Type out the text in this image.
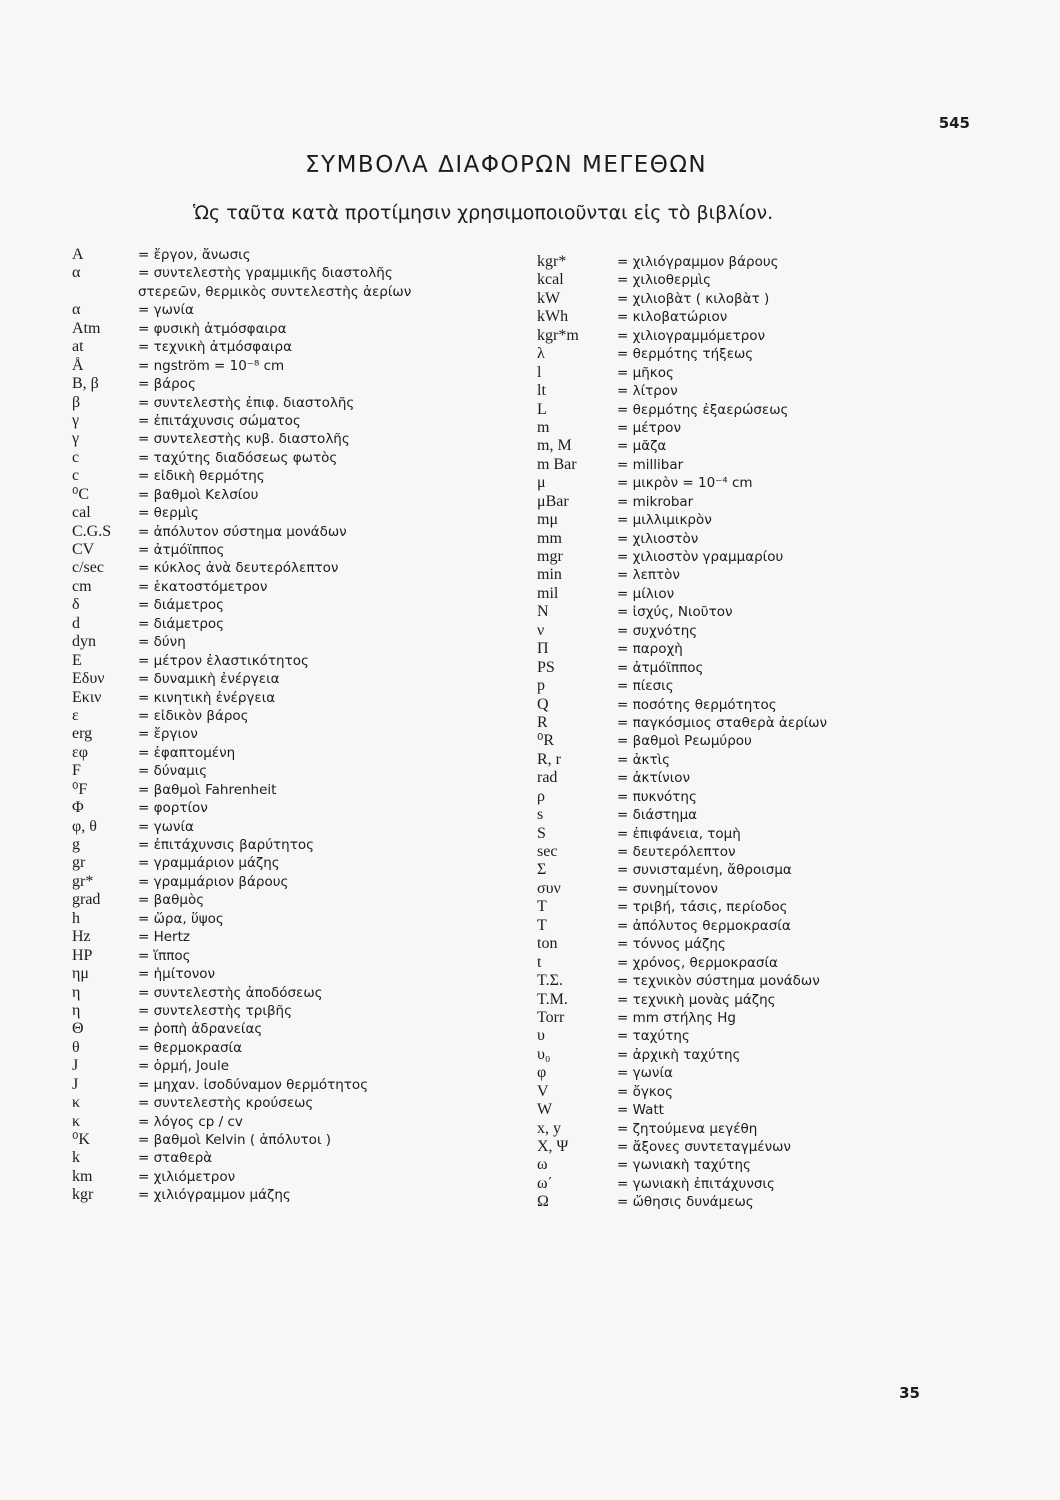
545
ΣΥΜΒΟΛΑ ΔΙΑΦΟΡΩΝ ΜΕΓΕΘΩΝ
Ὡς ταῦτα κατὰ προτίμησιν χρησιμοποιοῦνται εἰς τὸ βιβλίον.
A	= ἔργον, ἄνωσις
α	= συντελεστὴς γραμμικῆς διαστολῆς
στερεῶν, θερμικὸς συντελεστὴς ἀερίων
α	= γωνία
Atm	= φυσικὴ ἀτμόσφαιρα
at	= τεχνικὴ ἀτμόσφαιρα
Å	= ngström = 10⁻⁸ cm
B, β	= βάρος
β	= συντελεστὴς ἐπιφ. διαστολῆς
γ	= ἐπιτάχυνσις σώματος
γ	= συντελεστὴς κυβ. διαστολῆς
c	= ταχύτης διαδόσεως φωτὸς
c	= εἰδικὴ θερμότης
⁰C	= βαθμοὶ Κελσίου
cal	= θερμὶς
C.G.S = ἀπόλυτον σύστημα μονάδων
CV	= ἀτμόϊππος
c/sec	= κύκλος ἀνὰ δευτερόλεπτον
cm	= ἑκατοστόμετρον
δ	= διάμετρος
d	= διάμετρος
dyn	= δύνη
E	= μέτρον ἐλαστικότητος
Eδυν = δυναμικὴ ἐνέργεια
Eκιν	= κινητικὴ ἐνέργεια
ε	= εἰδικὸν βάρος
erg	= ἔργιον
εφ	= ἐφαπτομένη
F	= δύναμις
⁰F	= βαθμοὶ Fahrenheit
Φ	= φορτίον
φ, θ	= γωνία
g	= ἐπιτάχυνσις βαρύτητος
gr	= γραμμάριον μάζης
gr*	= γραμμάριον βάρους
grad	= βαθμὸς
h	= ὥρα, ὕψος
Hz	= Hertz
HP	= ἵππος
ημ	= ἡμίτονον
η	= συντελεστὴς ἀποδόσεως
η	= συντελεστὴς τριβῆς
Θ	= ῥοπὴ ἀδρανείας
θ	= θερμοκρασία
J	= ὁρμή, Joule
J	= μηχαν. ἰσοδύναμον θερμότητος
κ	= συντελεστὴς κρούσεως
κ	= λόγος cp / cv
⁰K	= βαθμοὶ Kelvin ( ἀπόλυτοι )
k	= σταθερὰ
km	= χιλιόμετρον
kgr	= χιλιόγραμμον μάζης
kgr*	= χιλιόγραμμον βάρους
kcal	= χιλιοθερμὶς
kW	= χιλιοβὰτ ( κιλοβὰτ )
kWh	= κιλοβατώριον
kgr*m	= χιλιογραμμόμετρον
λ	= θερμότης τήξεως
l	= μῆκος
lt	= λίτρον
L	= θερμότης ἐξαερώσεως
m	= μέτρον
m, M	= μᾶζα
m Bar	= millibar
μ	= μικρὸν = 10⁻⁴ cm
μBar	= mikrobar
mμ	= μιλλιμικρὸν
mm	= χιλιοστὸν
mgr	= χιλιοστὸν γραμμαρίου
min	= λεπτὸν
mil	= μίλιον
N	= ἰσχύς, Νιοῦτον
ν	= συχνότης
Π	= παροχὴ
PS	= ἀτμόϊππος
p	= πίεσις
Q	= ποσότης θερμότητος
R	= παγκόσμιος σταθερὰ ἀερίων
⁰R	= βαθμοὶ Ρεωμύρου
R, r	= ἀκτὶς
rad	= ἀκτίνιον
ρ	= πυκνότης
s	= διάστημα
S	= ἐπιφάνεια, τομὴ
sec	= δευτερόλεπτον
Σ	= συνισταμένη, ἄθροισμα
συν	= συνημίτονον
T	= τριβή, τάσις, περίοδος
T	= ἀπόλυτος θερμοκρασία
ton	= τόννος μάζης
t	= χρόνος, θερμοκρασία
T.Σ.	= τεχνικὸν σύστημα μονάδων
T.M.	= τεχνικὴ μονὰς μάζης
Torr	= mm στήλης Hg
υ	= ταχύτης
υ₀	= ἀρχικὴ ταχύτης
φ	= γωνία
V	= ὄγκος
W	= Watt
x, y	= ζητούμενα μεγέθη
X, Ψ	= ἄξονες συντεταγμένων
ω	= γωνιακὴ ταχύτης
ω΄	= γωνιακὴ ἐπιτάχυνσις
Ω	= ὤθησις δυνάμεως
35
